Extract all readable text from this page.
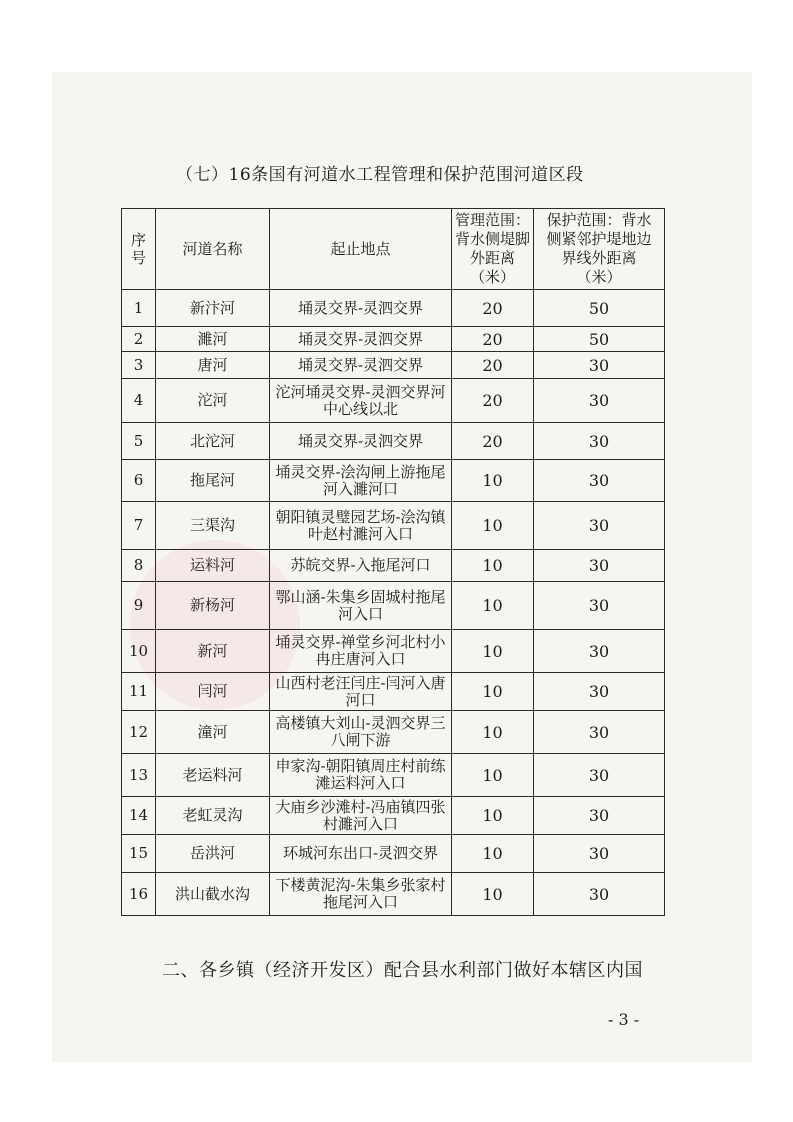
（七）16条国有河道水工程管理和保护范围河道区段
序号	河道名称	起止地点	管理范围：背水侧堤脚外距离（米）	保护范围：背水侧紧邻护堤地边界线外距离（米）

1	新汴河	埇灵交界-灵泗交界	20	50
2	濉河	埇灵交界-灵泗交界	20	50
3	唐河	埇灵交界-灵泗交界	20	30
4	沱河	沱河埇灵交界-灵泗交界河中心线以北	20	30
5	北沱河	埇灵交界-灵泗交界	20	30
6	拖尾河	埇灵交界-浍沟闸上游拖尾河入濉河口	10	30
7	三渠沟	朝阳镇灵璧园艺场-浍沟镇叶赵村濉河入口	10	30
8	运料河	苏皖交界-入拖尾河口	10	30
9	新杨河	鄂山涵-朱集乡固城村拖尾河入口	10	30
10	新河	埇灵交界-禅堂乡河北村小冉庄唐河入口	10	30
11	闫河	山西村老汪闫庄-闫河入唐河口	10	30
12	潼河	高楼镇大刘山-灵泗交界三八闸下游	10	30
13	老运料河	申家沟-朝阳镇周庄村前练滩运料河入口	10	30
14	老虹灵沟	大庙乡沙滩村-冯庙镇四张村濉河入口	10	30
15	岳洪河	环城河东出口-灵泗交界	10	30
16	洪山截水沟	下楼黄泥沟-朱集乡张家村拖尾河入口	10	30
二、各乡镇（经济开发区）配合县水利部门做好本辖区内国
- 3 -
